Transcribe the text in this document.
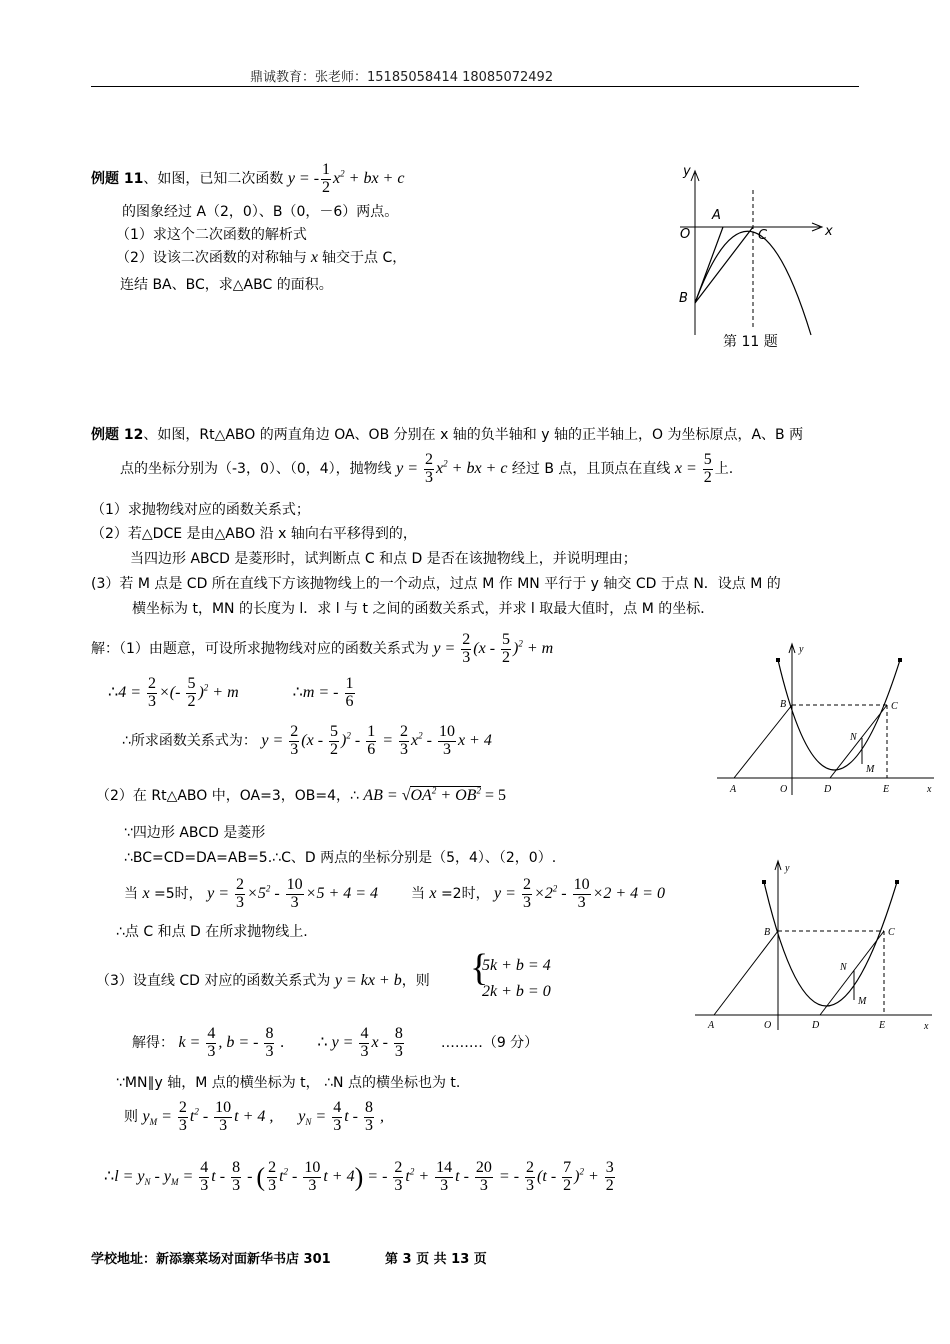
鼎诚教育：张老师：15185058414 18085072492
例题 11、如图，已知二次函数 y = - $\frac{1}{2} x^2$ + bx + c
的图象经过 A（2，0）、B（0，－6）两点。
（1）求这个二次函数的解析式
（2）设该二次函数的对称轴与 x 轴交于点 C，
连结 BA、BC，求△ABC 的面积。
y
x
O
A
C
B
第 11 题
例题 12、如图，Rt△ABO 的两直角边 OA、OB 分别在 x 轴的负半轴和 y 轴的正半轴上，O 为坐标原点，A、B 两
点的坐标分别为（-3，0）、（0，4），抛物线 $y = \frac{2}{3} x^2$ + bx + c 经过 B 点，且顶点在直线 $x = \frac{5}{2}$ 上.
（1）求抛物线对应的函数关系式；
（2）若△DCE 是由△ABO 沿 x 轴向右平移得到的，
当四边形 ABCD 是菱形时，试判断点 C 和点 D 是否在该抛物线上，并说明理由；
(3）若 M 点是 CD 所在直线下方该抛物线上的一个动点，过点 M 作 MN 平行于 y 轴交 CD 于点 N．设点 M 的
横坐标为 t，MN 的长度为 l．求 l 与 t 之间的函数关系式，并求 l 取最大值时，点 M 的坐标．
解：（1）由题意，可设所求抛物线对应的函数关系式为 $y = \frac{2}{3} (x - \frac{5}{2} )^2 + m$
∴4 = $\frac{2}{3}$ ×(- $\frac{5}{2} )^2 + m$	∴m = - $\frac{1}{6}$
∴所求函数关系式为： $y = \frac{2}{3} (x - \frac{5}{2} )^2 - \frac{1}{6} = \frac{2}{3} x^2 - \frac{10}{3}$ x + 4
（2）在 Rt△ABO 中，OA=3，OB=4，∴ AB = $√OA^2 + OB^2 = 5$
∵四边形 ABCD 是菱形
∴BC=CD=DA=AB=5.∴C、D 两点的坐标分别是（5，4）、（2，0）.
当 x =5时， $y = \frac{2}{3} \times 5^2 - \frac{10}{3} \times 5 + 4 = 4$ 当 x =2时， $y = \frac{2}{3} \times 2^2 - \frac{10}{3} \times 2 + 4 = 0$
∴点 C 和点 D 在所求抛物线上.
（3）设直线 CD 对应的函数关系式为 y = kx + b，则 {
5k + b = 4
2k + b = 0
解得： $k = \frac{4}{3}$ , b = - $\frac{8}{3}$ . ∴ $y = \frac{4}{3}$ x - $\frac{8}{3}$	………（9 分）
∵MN∥y 轴，M 点的横坐标为 t， ∴N 点的横坐标也为 t.
则 $y_M = \frac{2}{3} t^2 - \frac{10}{3}$ t + 4 , $y_N = \frac{4}{3}$ t - $\frac{8}{3}$ ,
∴l = $y_N - y_M = \frac{4}{3}$ t - $\frac{8}{3}$ - ( $\frac{2}{3} t^2 - \frac{10}{3}$ t + 4) = - $\frac{2}{3} t^2 + \frac{14}{3}$ t - $\frac{20}{3}$ = - $\frac{2}{3} (t - \frac{7}{2} )^2 + \frac{3}{2}$
y
A	O	D	E	x
B	C
N
M
y
A	O	D	E	x
B	C
N
M
学校地址：新添寨菜场对面新华书店 301	第 3 页 共 13 页
